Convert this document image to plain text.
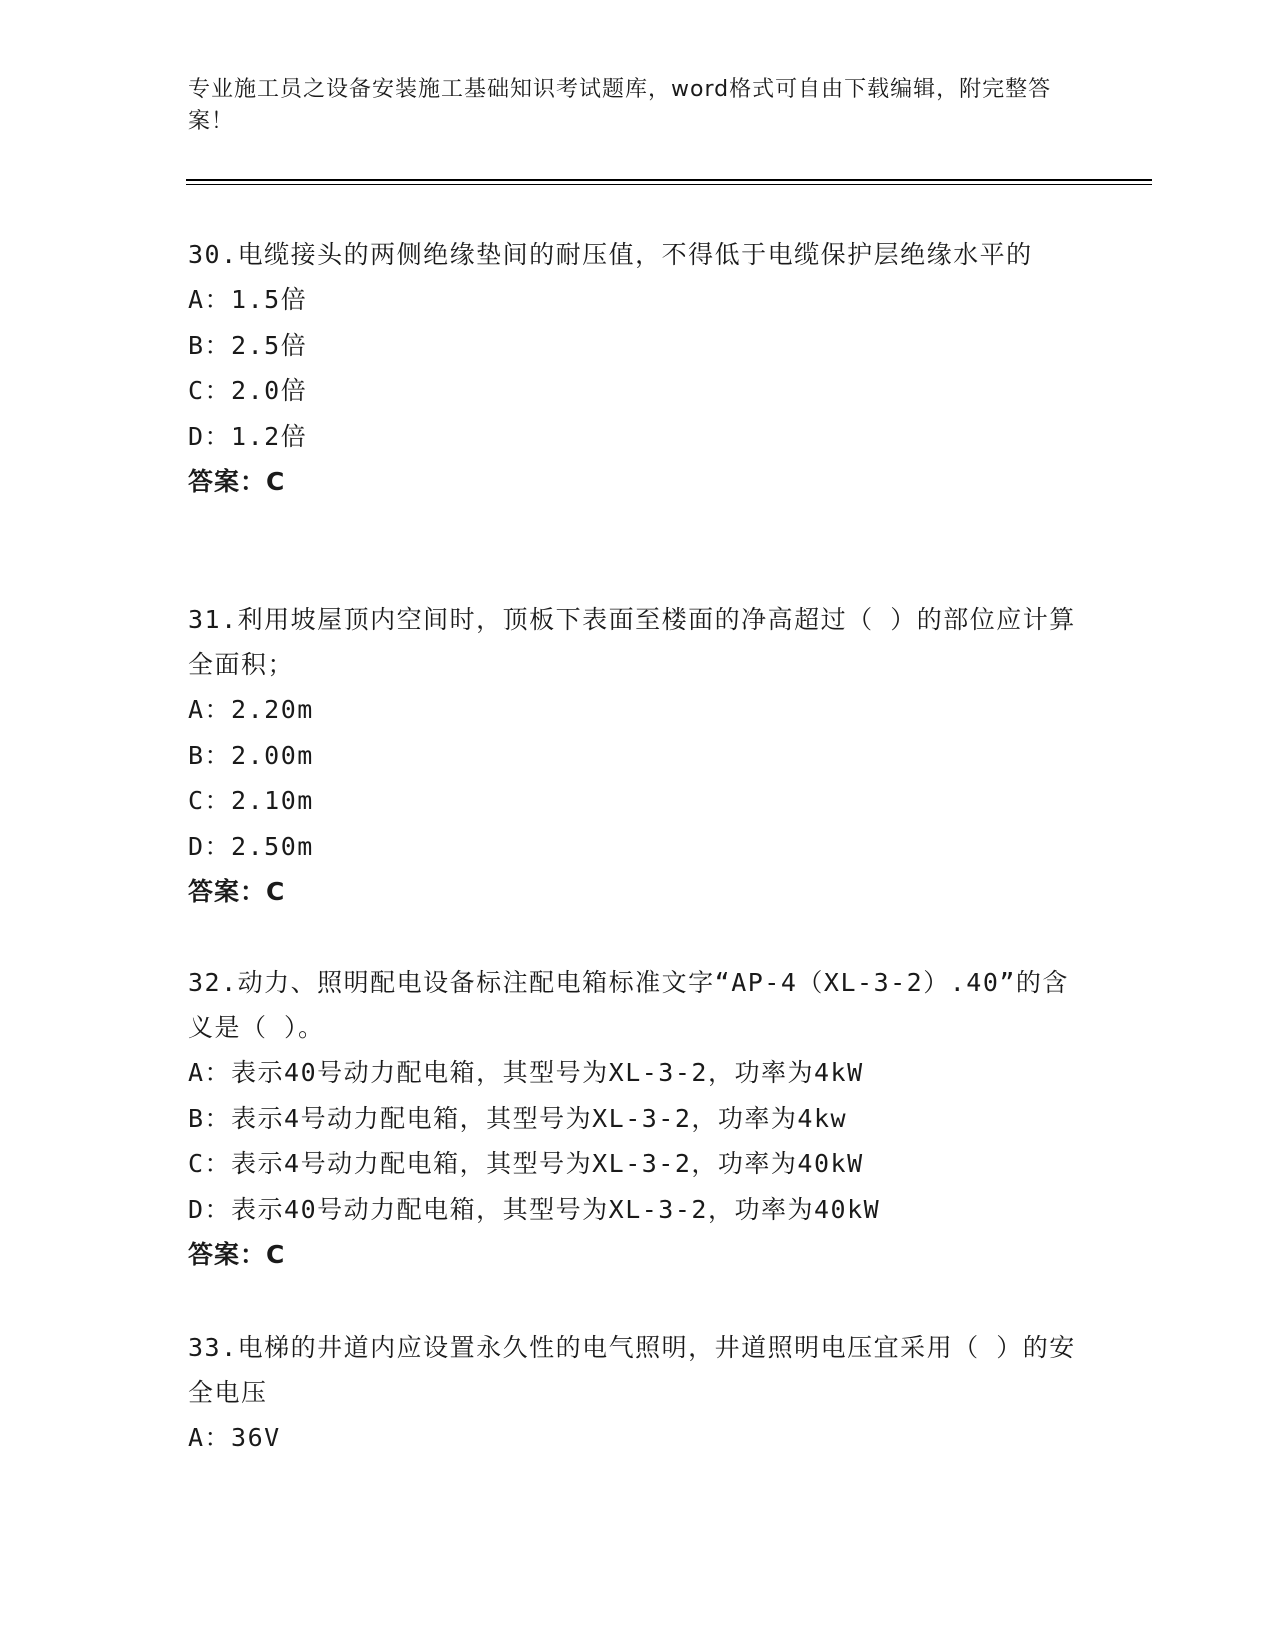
专业施工员之设备安装施工基础知识考试题库，word格式可自由下载编辑，附完整答案！
30.电缆接头的两侧绝缘垫间的耐压值，不得低于电缆保护层绝缘水平的
A：1.5倍
B：2.5倍
C：2.0倍
D：1.2倍
答案：C
31.利用坡屋顶内空间时，顶板下表面至楼面的净高超过（ ）的部位应计算全面积；
A：2.20m
B：2.00m
C：2.10m
D：2.50m
答案：C
32.动力、照明配电设备标注配电箱标准文字“AP-4（XL-3-2）.40”的含义是（ ）。
A：表示40号动力配电箱，其型号为XL-3-2，功率为4kW
B：表示4号动力配电箱，其型号为XL-3-2，功率为4kw
C：表示4号动力配电箱，其型号为XL-3-2，功率为40kW
D：表示40号动力配电箱，其型号为XL-3-2，功率为40kW
答案：C
33.电梯的井道内应设置永久性的电气照明，井道照明电压宜采用（ ）的安全电压
A：36V
